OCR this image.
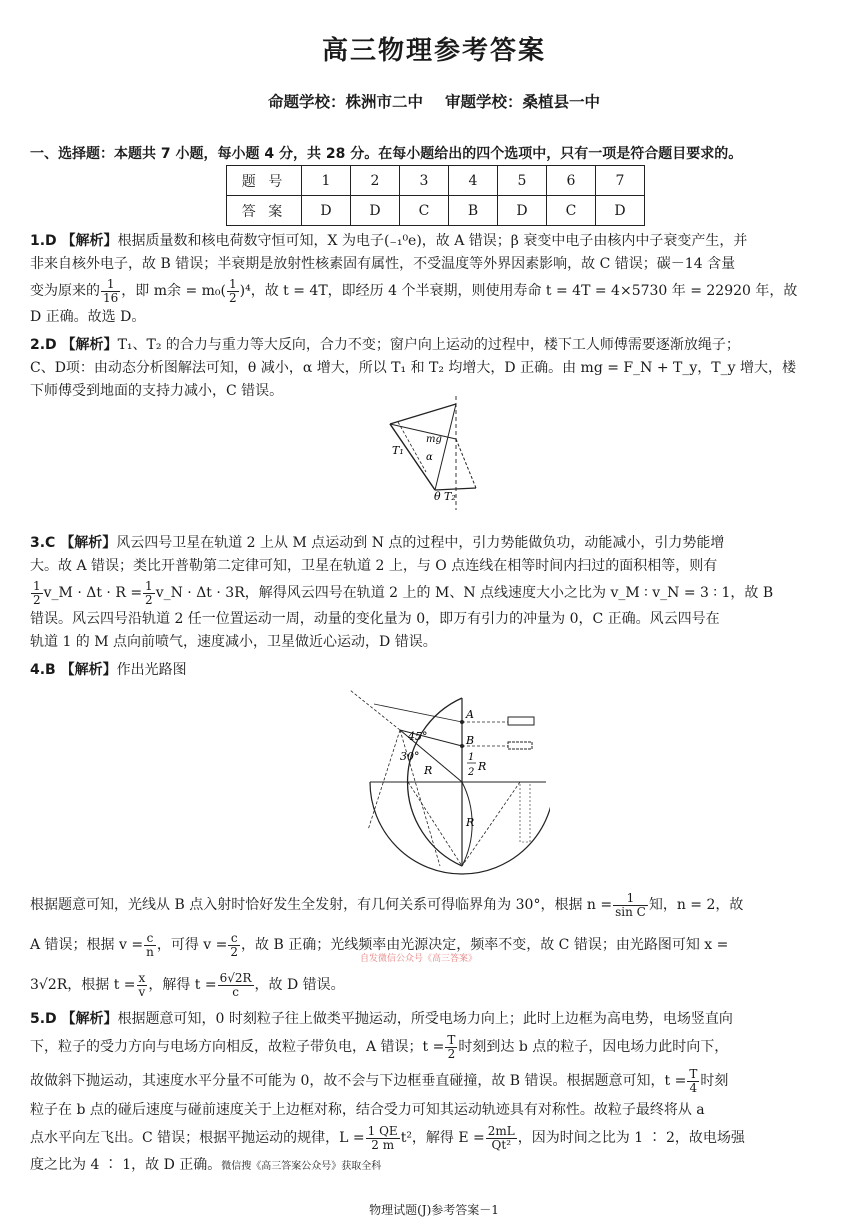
高三物理参考答案
命题学校：株洲市二中 审题学校：桑植县一中
一、选择题：本题共 7 小题，每小题 4 分，共 28 分。在每小题给出的四个选项中，只有一项是符合题目要求的。
题 号	1	2	3	4	5	6	7
答 案	D	D	C	B	D	C	D
1.D 【解析】根据质量数和核电荷数守恒可知，X 为电子(₋₁⁰e)，故 A 错误；β 衰变中电子由核内中子衰变产生，并
非来自核外电子，故 B 错误；半衰期是放射性核素固有属性，不受温度等外界因素影响，故 C 错误；碳－14 含量
变为原来的 $\frac{1}{16}$ ，即 m余 = $m_0( \frac{1}{2} )^4$，故 t = 4T，即经历 4 个半衰期，则使用寿命 t = 4T = 4×5730 年 = 22920 年，故
D 正确。故选 D。
2.D 【解析】T₁、T₂ 的合力与重力等大反向，合力不变；窗户向上运动的过程中，楼下工人师傅需要逐渐放绳子；
C、D项：由动态分析图解法可知，θ 减小，α 增大，所以 T₁ 和 T₂ 均增大，D 正确。由 mg = F_N + T_y，T_y 增大，楼
下师傅受到地面的支持力减小，C 错误。
mg
α
T₁
θ T₂
3.C 【解析】风云四号卫星在轨道 2 上从 M 点运动到 N 点的过程中，引力势能做负功，动能减小，引力势能增
大。故 A 错误；类比开普勒第二定律可知，卫星在轨道 2 上，与 O 点连线在相等时间内扫过的面积相等，则有
$\frac{1}{2}$ v_M · $\Delta t \cdot R = \frac{1}{2}$ v_N · Δt · 3R，解得风云四号在轨道 2 上的 M、N 点线速度大小之比为 v_M ∶ v_N = 3 ∶ 1，故 B
错误。风云四号沿轨道 2 任一位置运动一周，动量的变化量为 0，即万有引力的冲量为 0，C 正确。风云四号在
轨道 1 的 M 点向前喷气，速度减小，卫星做近心运动，D 错误。
4.B 【解析】作出光路图
A
45°	B
30°
R
1
2 R
R
根据题意可知，光线从 B 点入射时恰好发生全发射，有几何关系可得临界角为 30°，根据 $n = \frac{1}{\text{sin C}}$ 知，n = 2，故
A 错误；根据 $v = \frac{c}{n}$ ，可得 $v = \frac{c}{2}$ ，故 B 正确；光线频率由光源决定，频率不变，故 C 错误；由光路图可知 x =
自发微信公众号《高三答案》
3√2R，根据 $t = \frac{x}{v}$ ，解得 $t = \frac{6√2R}{c}$ ，故 D 错误。
5.D 【解析】根据题意可知，0 时刻粒子往上做类平抛运动，所受电场力向上；此时上边框为高电势，电场竖直向
下，粒子的受力方向与电场方向相反，故粒子带负电，A 错误；$t = \frac{T}{2}$ 时刻到达 b 点的粒子，因电场力此时向下，
故做斜下抛运动，其速度水平分量不可能为 0，故不会与下边框垂直碰撞，故 B 错误。根据题意可知，$t = \frac{T}{4}$ 时刻
粒子在 b 点的碰后速度与碰前速度关于上边框对称，结合受力可知其运动轨迹具有对称性。故粒子最终将从 a
点水平向左飞出。C 错误；根据平抛运动的规律，$L = \frac{1 QE}{2 m} t^2$，解得 $E = \frac{2mL}{\text{Qt²}}$ ，因为时间之比为 1 ∶ 2，故电场强
度之比为 4 ∶ 1，故 D 正确。微信搜《高三答案公众号》获取全科
物理试题(J)参考答案－1
